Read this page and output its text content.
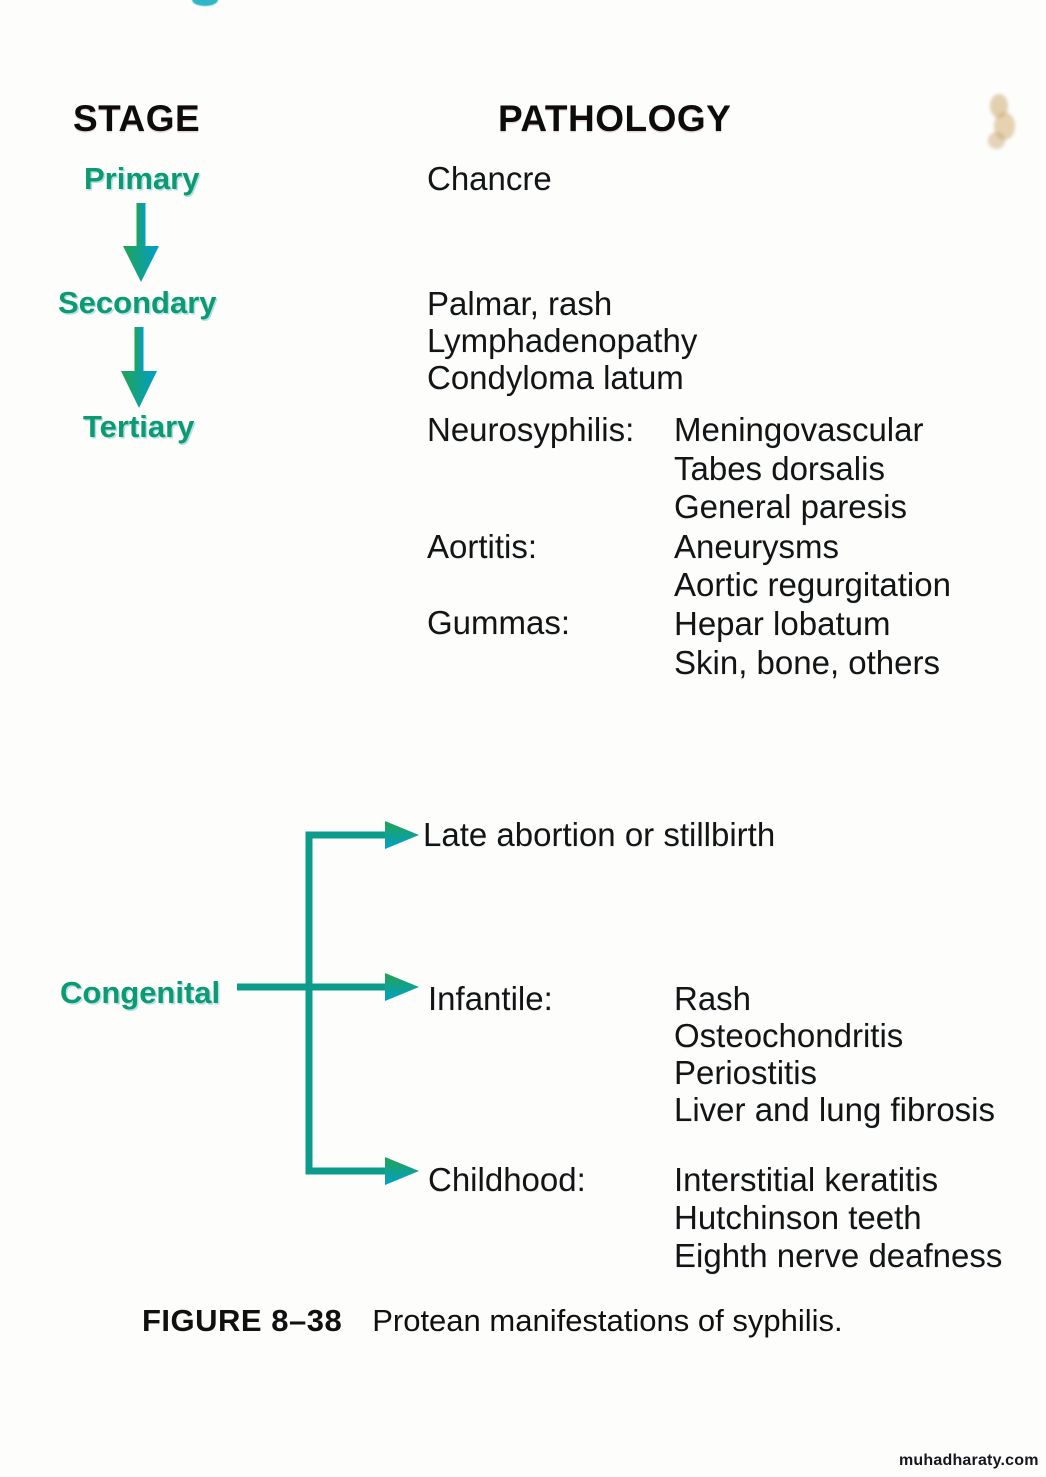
STAGE	PATHOLOGY
Primary
Secondary
Tertiary
Chancre
Palmar, rash
Lymphadenopathy
Condyloma latum
Neurosyphilis:
Aortitis:
Gummas:
Meningovascular
Tabes dorsalis
General paresis
Aneurysms
Aortic regurgitation
Hepar lobatum
Skin, bone, others
Congenital
Late abortion or stillbirth
Infantile:
Childhood:
Rash
Osteochondritis
Periostitis
Liver and lung fibrosis
Interstitial keratitis
Hutchinson teeth
Eighth nerve deafness
FIGURE 8–38 Protean manifestations of syphilis.
muhadharaty.com
